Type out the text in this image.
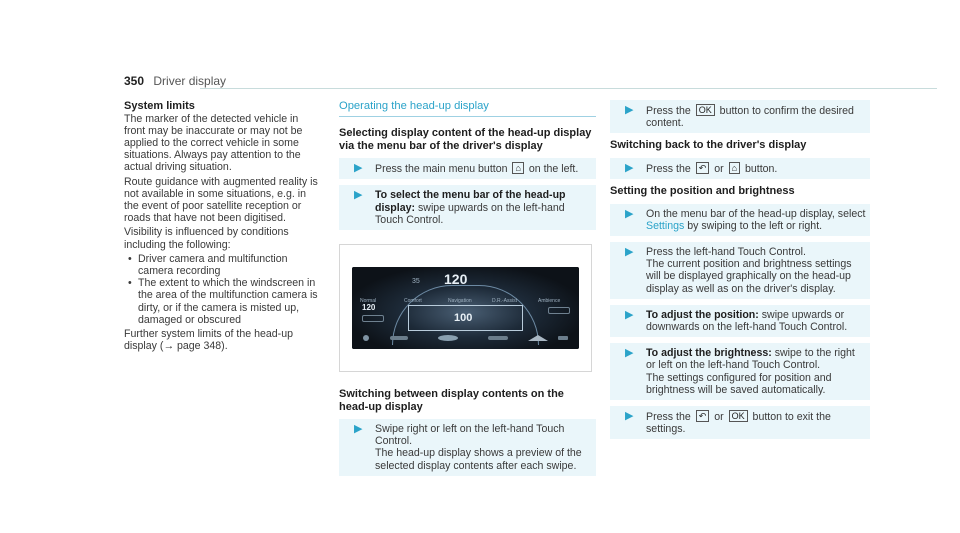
350 Driver display
System limits
The marker of the detected vehicle in front may be inaccurate or may not be applied to the correct vehicle in some situations. Always pay attention to the actual driving situation.
Route guidance with augmented reality is not available in some situations, e.g. in the event of poor satellite reception or roads that have not been digitised.
Visibility is influenced by conditions including the following:
• Driver camera and multifunction camera recording
• The extent to which the windscreen in the area of the multifunction camera is dirty, or if the camera is misted up, damaged or obscured
Further system limits of the head-up display (→ page 348).
Operating the head-up display
Selecting display content of the head-up display via the menu bar of the driver's display
▶ Press the main menu button ⌂ on the left.
▶ To select the menu bar of the head-up display: swipe upwards on the left-hand Touch Control.
120
100
120
35
Normal	Comfort	Navigation	D.R.-Assist	Ambience
Switching between display contents on the head-up display
▶ Swipe right or left on the left-hand Touch Control.
The head-up display shows a preview of the selected display contents after each swipe.
▶ Press the OK button to confirm the desired content.
Switching back to the driver's display
▶ Press the ↶ or ⌂ button.
Setting the position and brightness
▶ On the menu bar of the head-up display, select Settings by swiping to the left or right.
▶ Press the left-hand Touch Control.
The current position and brightness settings will be displayed graphically on the head-up display as well as on the driver's display.
▶ To adjust the position: swipe upwards or downwards on the left-hand Touch Control.
▶ To adjust the brightness: swipe to the right or left on the left-hand Touch Control.
The settings configured for position and brightness will be saved automatically.
▶ Press the ↶ or OK button to exit the settings.
